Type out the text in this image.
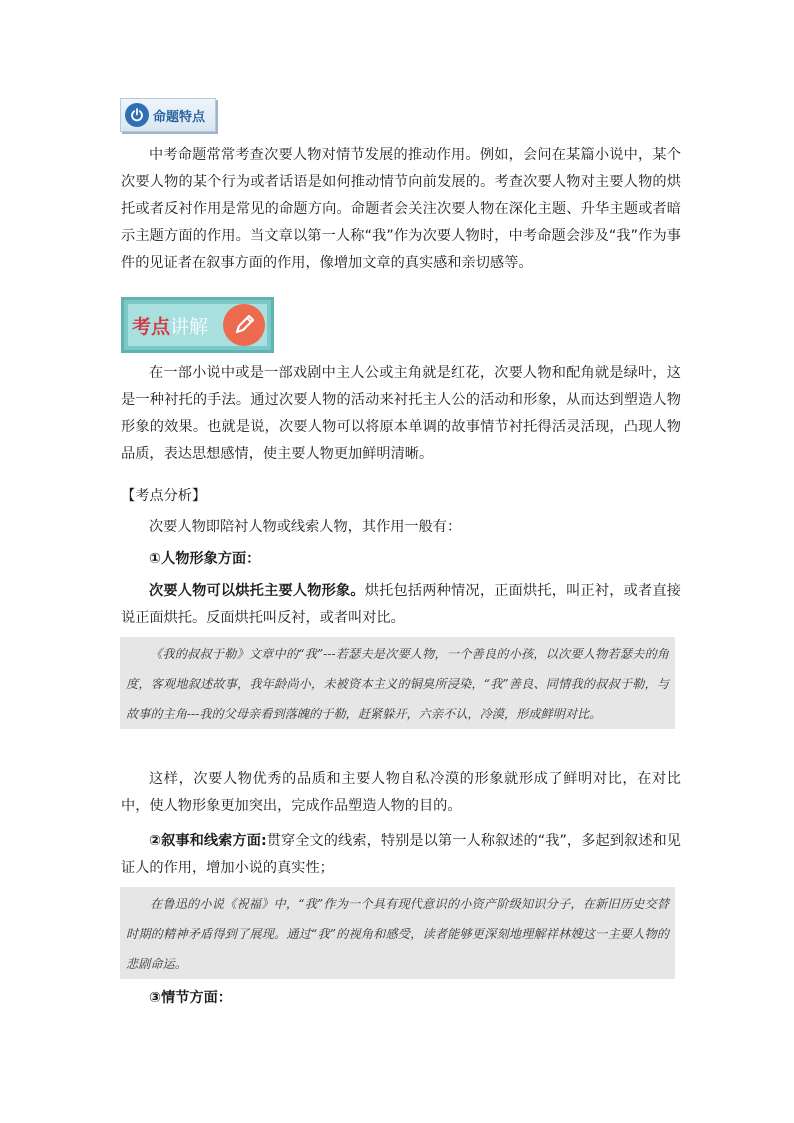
命题特点

中考命题常常考查次要人物对情节发展的推动作用。例如，会问在某篇小说中，某个次要人物的某个行为或者话语是如何推动情节向前发展的。考查次要人物对主要人物的烘托或者反衬作用是常见的命题方向。命题者会关注次要人物在深化主题、升华主题或者暗示主题方面的作用。当文章以第一人称“我”作为次要人物时，中考命题会涉及“我”作为事件的见证者在叙事方面的作用，像增加文章的真实感和亲切感等。

考点讲解

在一部小说中或是一部戏剧中主人公或主角就是红花，次要人物和配角就是绿叶，这是一种衬托的手法。通过次要人物的活动来衬托主人公的活动和形象，从而达到塑造人物形象的效果。也就是说，次要人物可以将原本单调的故事情节衬托得活灵活现，凸现人物品质，表达思想感情，使主要人物更加鲜明清晰。

【考点分析】

次要人物即陪衬人物或线索人物，其作用一般有：

①人物形象方面：

次要人物可以烘托主要人物形象。烘托包括两种情况，正面烘托，叫正衬，或者直接说正面烘托。反面烘托叫反衬，或者叫对比。

《我的叔叔于勒》文章中的“我”---若瑟夫是次要人物，一个善良的小孩，以次要人物若瑟夫的角度，客观地叙述故事，我年龄尚小，未被资本主义的铜臭所浸染，“我”善良、同情我的叔叔于勒，与故事的主角---我的父母亲看到落魄的于勒，赶紧躲开，六亲不认，冷漠，形成鲜明对比。

这样，次要人物优秀的品质和主要人物自私冷漠的形象就形成了鲜明对比，在对比中，使人物形象更加突出，完成作品塑造人物的目的。

②叙事和线索方面:贯穿全文的线索，特别是以第一人称叙述的“我”，多起到叙述和见证人的作用，增加小说的真实性；

在鲁迅的小说《祝福》中，“我”作为一个具有现代意识的小资产阶级知识分子，在新旧历史交替时期的精神矛盾得到了展现。通过“我”的视角和感受，读者能够更深刻地理解祥林嫂这一主要人物的悲剧命运。

③情节方面：
